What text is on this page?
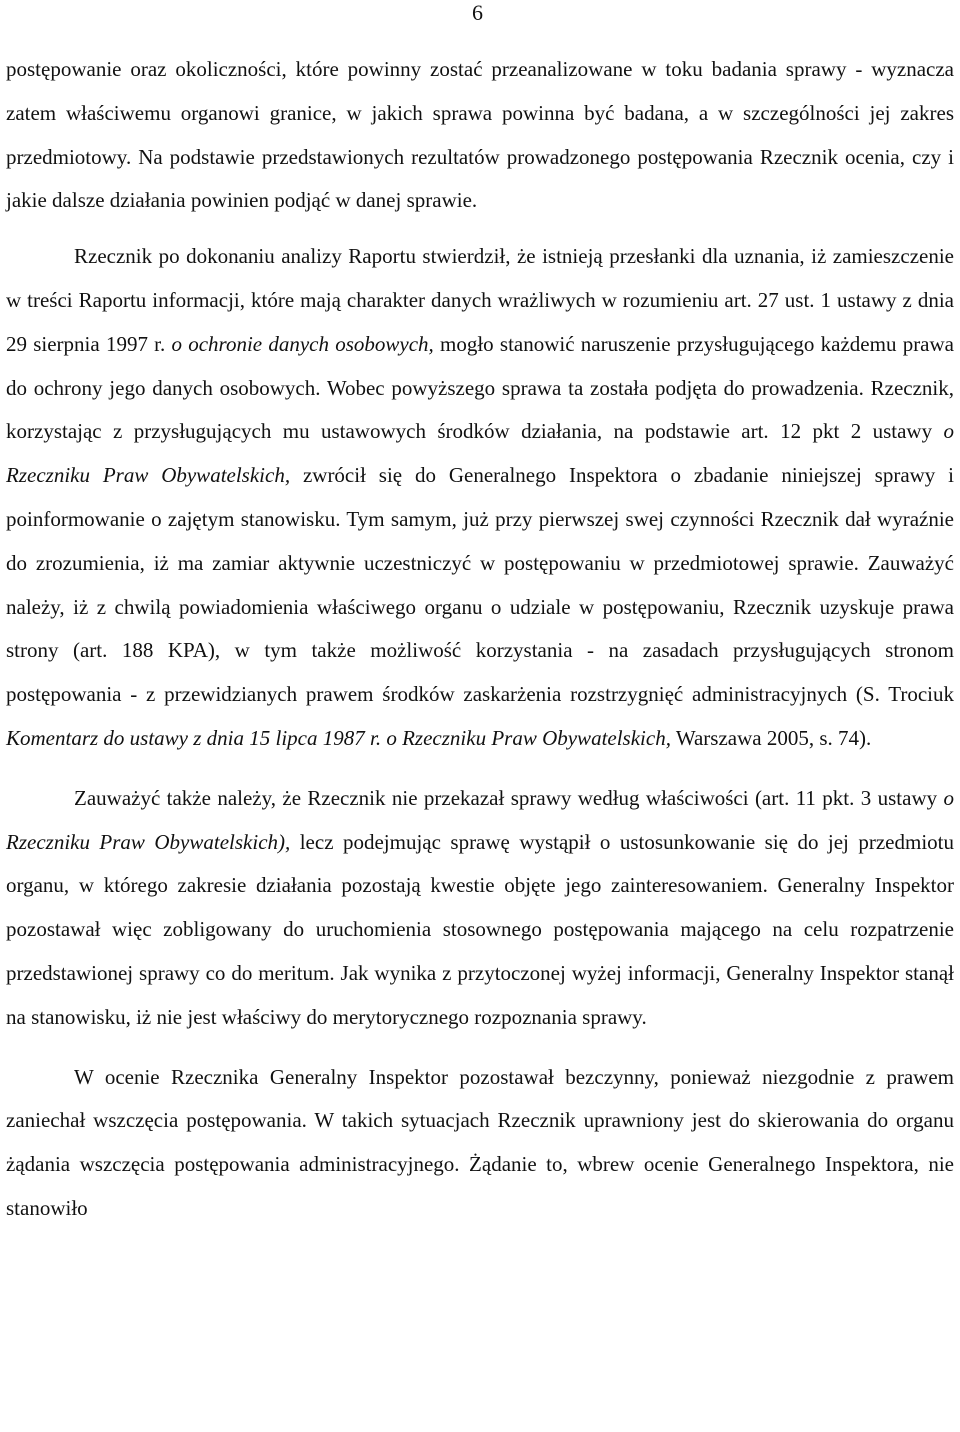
6

postępowanie oraz okoliczności, które powinny zostać przeanalizowane w toku badania sprawy - wyznacza zatem właściwemu organowi granice, w jakich sprawa powinna być badana, a w szczególności jej zakres przedmiotowy. Na podstawie przedstawionych rezultatów prowadzonego postępowania Rzecznik ocenia, czy i jakie dalsze działania powinien podjąć w danej sprawie.

Rzecznik po dokonaniu analizy Raportu stwierdził, że istnieją przesłanki dla uznania, iż zamieszczenie w treści Raportu informacji, które mają charakter danych wrażliwych w rozumieniu art. 27 ust. 1 ustawy z dnia 29 sierpnia 1997 r. o ochronie danych osobowych, mogło stanowić naruszenie przysługującego każdemu prawa do ochrony jego danych osobowych. Wobec powyższego sprawa ta została podjęta do prowadzenia. Rzecznik, korzystając z przysługujących mu ustawowych środków działania, na podstawie art. 12 pkt 2 ustawy o Rzeczniku Praw Obywatelskich, zwrócił się do Generalnego Inspektora o zbadanie niniejszej sprawy i poinformowanie o zajętym stanowisku. Tym samym, już przy pierwszej swej czynności Rzecznik dał wyraźnie do zrozumienia, iż ma zamiar aktywnie uczestniczyć w postępowaniu w przedmiotowej sprawie. Zauważyć należy, iż z chwilą powiadomienia właściwego organu o udziale w postępowaniu, Rzecznik uzyskuje prawa strony (art. 188 KPA), w tym także możliwość korzystania - na zasadach przysługujących stronom postępowania - z przewidzianych prawem środków zaskarżenia rozstrzygnięć administracyjnych (S. Trociuk Komentarz do ustawy z dnia 15 lipca 1987 r. o Rzeczniku Praw Obywatelskich, Warszawa 2005, s. 74).

Zauważyć także należy, że Rzecznik nie przekazał sprawy według właściwości (art. 11 pkt. 3 ustawy o Rzeczniku Praw Obywatelskich), lecz podejmując sprawę wystąpił o ustosunkowanie się do jej przedmiotu organu, w którego zakresie działania pozostają kwestie objęte jego zainteresowaniem. Generalny Inspektor pozostawał więc zobligowany do uruchomienia stosownego postępowania mającego na celu rozpatrzenie przedstawionej sprawy co do meritum. Jak wynika z przytoczonej wyżej informacji, Generalny Inspektor stanął na stanowisku, iż nie jest właściwy do merytorycznego rozpoznania sprawy.

W ocenie Rzecznika Generalny Inspektor pozostawał bezczynny, ponieważ niezgodnie z prawem zaniechał wszczęcia postępowania. W takich sytuacjach Rzecznik uprawniony jest do skierowania do organu żądania wszczęcia postępowania administracyjnego. Żądanie to, wbrew ocenie Generalnego Inspektora, nie stanowiło
